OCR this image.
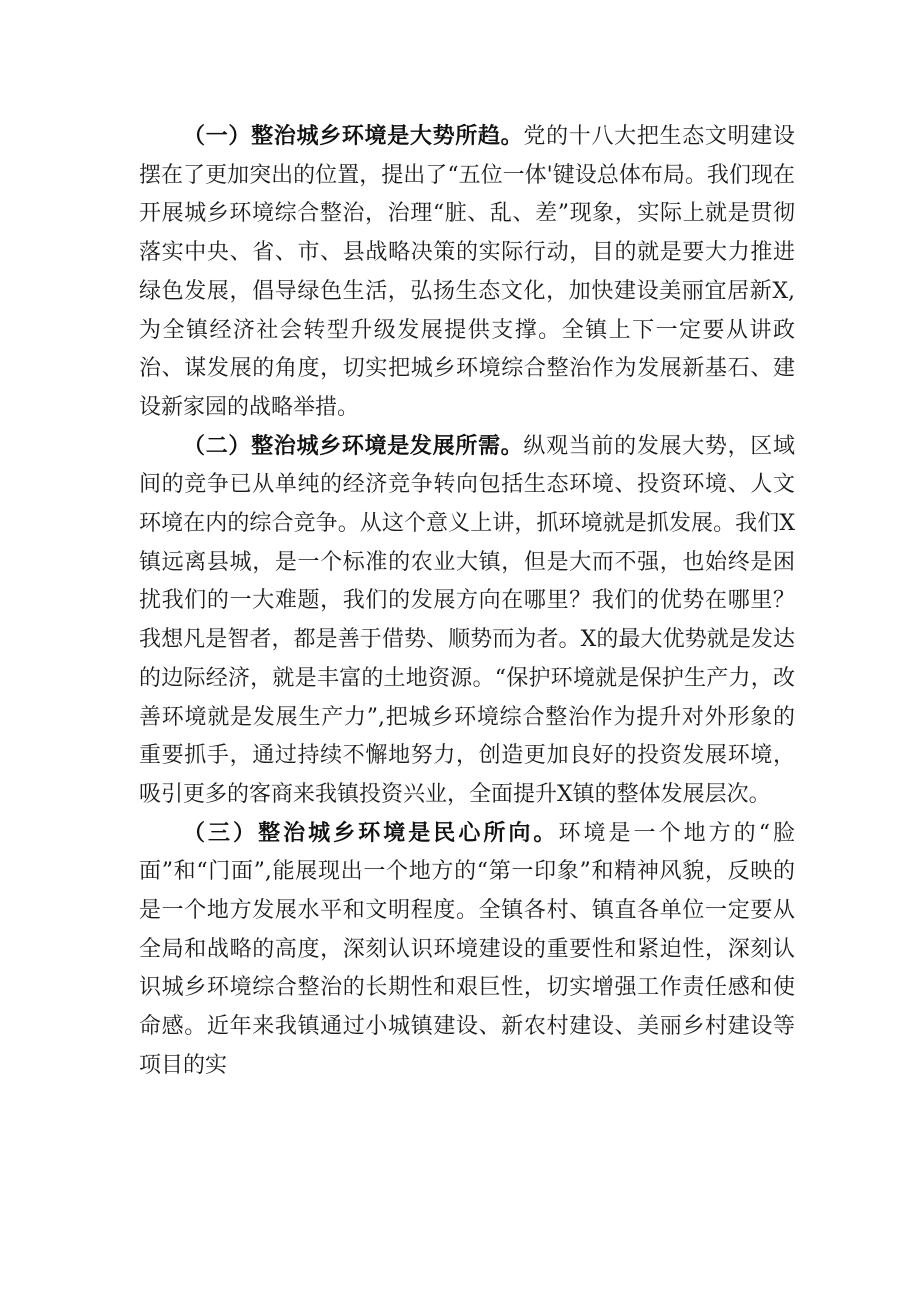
（一）整治城乡环境是大势所趋。党的十八大把生态文明建设摆在了更加突出的位置，提出了“五位一体'键设总体布局。我们现在开展城乡环境综合整治，治理“脏、乱、差”现象，实际上就是贯彻落实中央、省、市、县战略决策的实际行动，目的就是要大力推进绿色发展，倡导绿色生活，弘扬生态文化，加快建设美丽宜居新X,为全镇经济社会转型升级发展提供支撑。全镇上下一定要从讲政治、谋发展的角度，切实把城乡环境综合整治作为发展新基石、建设新家园的战略举措。

（二）整治城乡环境是发展所需。纵观当前的发展大势，区域间的竞争已从单纯的经济竞争转向包括生态环境、投资环境、人文环境在内的综合竞争。从这个意义上讲，抓环境就是抓发展。我们X镇远离县城，是一个标准的农业大镇，但是大而不强，也始终是困扰我们的一大难题，我们的发展方向在哪里？我们的优势在哪里？我想凡是智者，都是善于借势、顺势而为者。X的最大优势就是发达的边际经济，就是丰富的土地资源。“保护环境就是保护生产力，改善环境就是发展生产力”,把城乡环境综合整治作为提升对外形象的重要抓手，通过持续不懈地努力，创造更加良好的投资发展环境，吸引更多的客商来我镇投资兴业，全面提升X镇的整体发展层次。

（三）整治城乡环境是民心所向。环境是一个地方的“脸面”和“门面”,能展现出一个地方的“第一印象”和精神风貌，反映的是一个地方发展水平和文明程度。全镇各村、镇直各单位一定要从全局和战略的高度，深刻认识环境建设的重要性和紧迫性，深刻认识城乡环境综合整治的长期性和艰巨性，切实增强工作责任感和使命感。近年来我镇通过小城镇建设、新农村建设、美丽乡村建设等项目的实
